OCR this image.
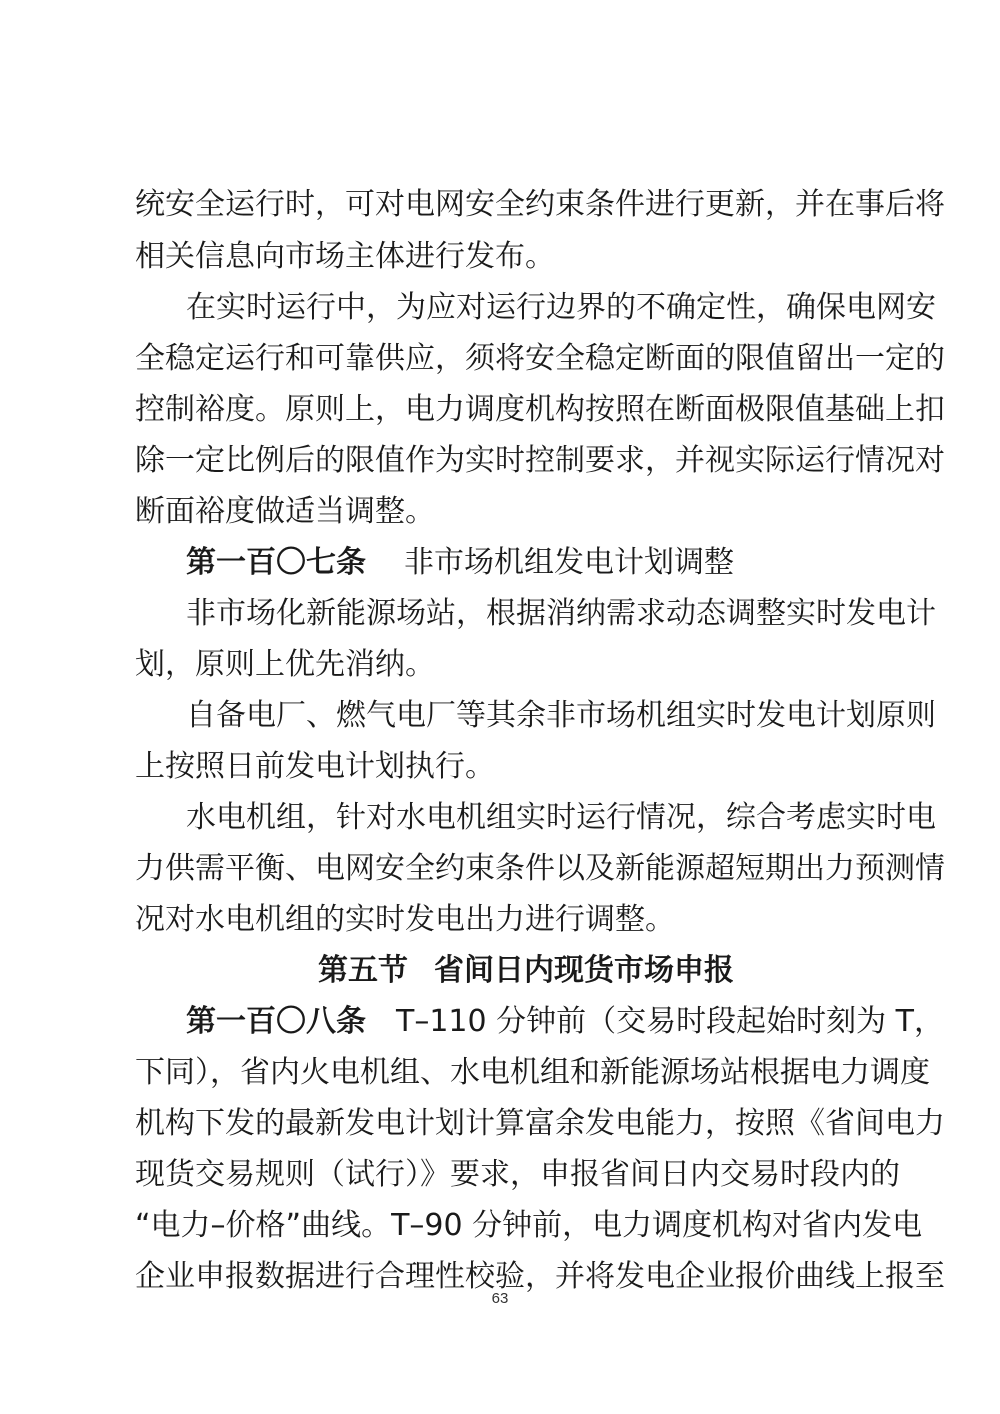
统安全运行时，可对电网安全约束条件进行更新，并在事后将
相关信息向市场主体进行发布。
在实时运行中，为应对运行边界的不确定性，确保电网安
全稳定运行和可靠供应，须将安全稳定断面的限值留出一定的
控制裕度。原则上，电力调度机构按照在断面极限值基础上扣
除一定比例后的限值作为实时控制要求，并视实际运行情况对
断面裕度做适当调整。
第一百〇七条 非市场机组发电计划调整
非市场化新能源场站，根据消纳需求动态调整实时发电计
划，原则上优先消纳。
自备电厂、燃气电厂等其余非市场机组实时发电计划原则
上按照日前发电计划执行。
水电机组，针对水电机组实时运行情况，综合考虑实时电
力供需平衡、电网安全约束条件以及新能源超短期出力预测情
况对水电机组的实时发电出力进行调整。
第五节 省间日内现货市场申报
第一百〇八条 T–110 分钟前（交易时段起始时刻为 T，
下同），省内火电机组、水电机组和新能源场站根据电力调度
机构下发的最新发电计划计算富余发电能力，按照《省间电力
现货交易规则（试行）》要求，申报省间日内交易时段内的
“电力–价格”曲线。T–90 分钟前，电力调度机构对省内发电
企业申报数据进行合理性校验，并将发电企业报价曲线上报至
63
